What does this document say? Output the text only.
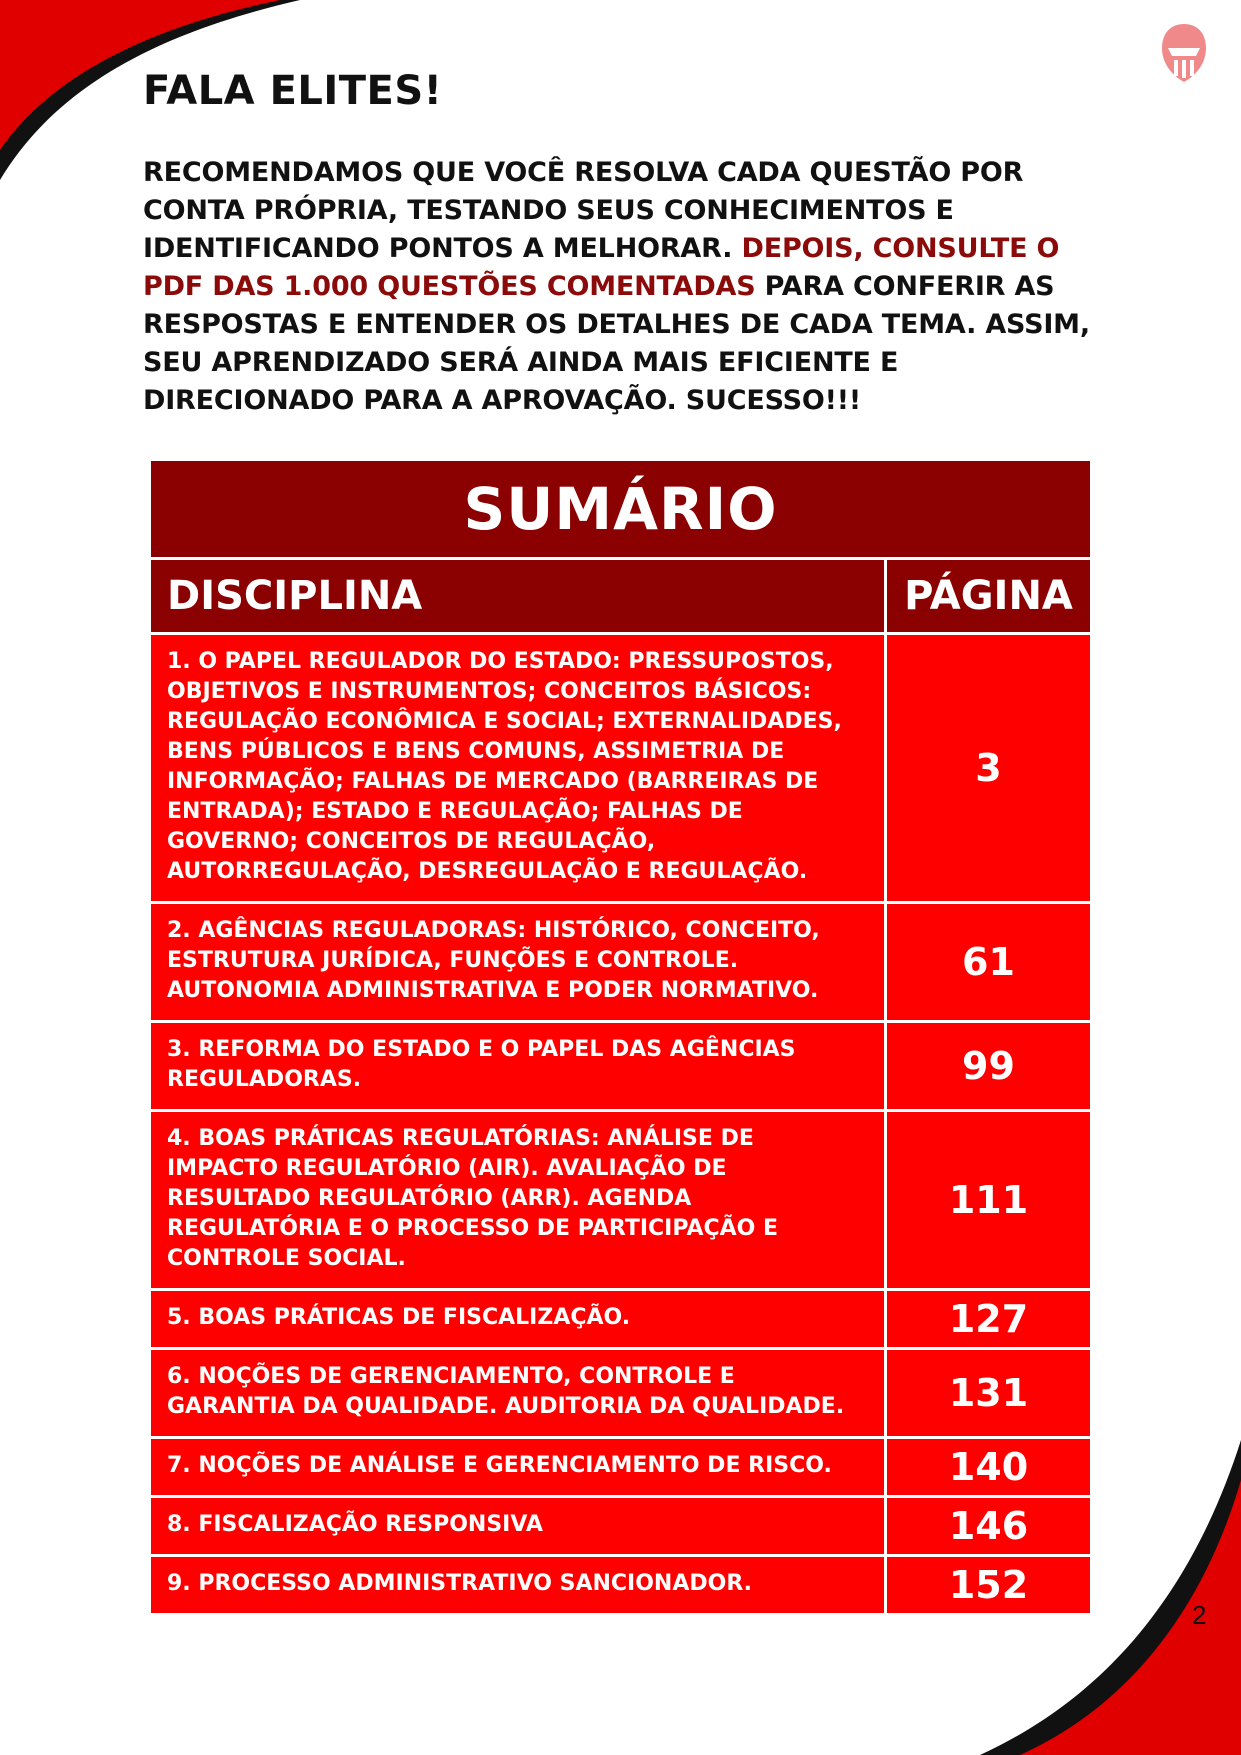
FALA ELITES!

RECOMENDAMOS QUE VOCÊ RESOLVA CADA QUESTÃO POR CONTA PRÓPRIA, TESTANDO SEUS CONHECIMENTOS E IDENTIFICANDO PONTOS A MELHORAR. DEPOIS, CONSULTE O PDF DAS 1.000 QUESTÕES COMENTADAS PARA CONFERIR AS RESPOSTAS E ENTENDER OS DETALHES DE CADA TEMA. ASSIM, SEU APRENDIZADO SERÁ AINDA MAIS EFICIENTE E DIRECIONADO PARA A APROVAÇÃO. SUCESSO!!!

SUMÁRIO	
DISCIPLINA	PÁGINA
1. O PAPEL REGULADOR DO ESTADO: PRESSUPOSTOS, OBJETIVOS E INSTRUMENTOS; CONCEITOS BÁSICOS: REGULAÇÃO ECONÔMICA E SOCIAL; EXTERNALIDADES, BENS PÚBLICOS E BENS COMUNS, ASSIMETRIA DE INFORMAÇÃO; FALHAS DE MERCADO (BARREIRAS DE ENTRADA); ESTADO E REGULAÇÃO; FALHAS DE GOVERNO; CONCEITOS DE REGULAÇÃO, AUTORREGULAÇÃO, DESREGULAÇÃO E REGULAÇÃO.	3
2. AGÊNCIAS REGULADORAS: HISTÓRICO, CONCEITO, ESTRUTURA JURÍDICA, FUNÇÕES E CONTROLE. AUTONOMIA ADMINISTRATIVA E PODER NORMATIVO.	61
3. REFORMA DO ESTADO E O PAPEL DAS AGÊNCIAS REGULADORAS.	99
4. BOAS PRÁTICAS REGULATÓRIAS: ANÁLISE DE IMPACTO REGULATÓRIO (AIR). AVALIAÇÃO DE RESULTADO REGULATÓRIO (ARR). AGENDA REGULATÓRIA E O PROCESSO DE PARTICIPAÇÃO E CONTROLE SOCIAL.	111
5. BOAS PRÁTICAS DE FISCALIZAÇÃO.	127
6. NOÇÕES DE GERENCIAMENTO, CONTROLE E GARANTIA DA QUALIDADE. AUDITORIA DA QUALIDADE.	131
7. NOÇÕES DE ANÁLISE E GERENCIAMENTO DE RISCO.	140
8. FISCALIZAÇÃO RESPONSIVA	146
9. PROCESSO ADMINISTRATIVO SANCIONADOR.	152
2
